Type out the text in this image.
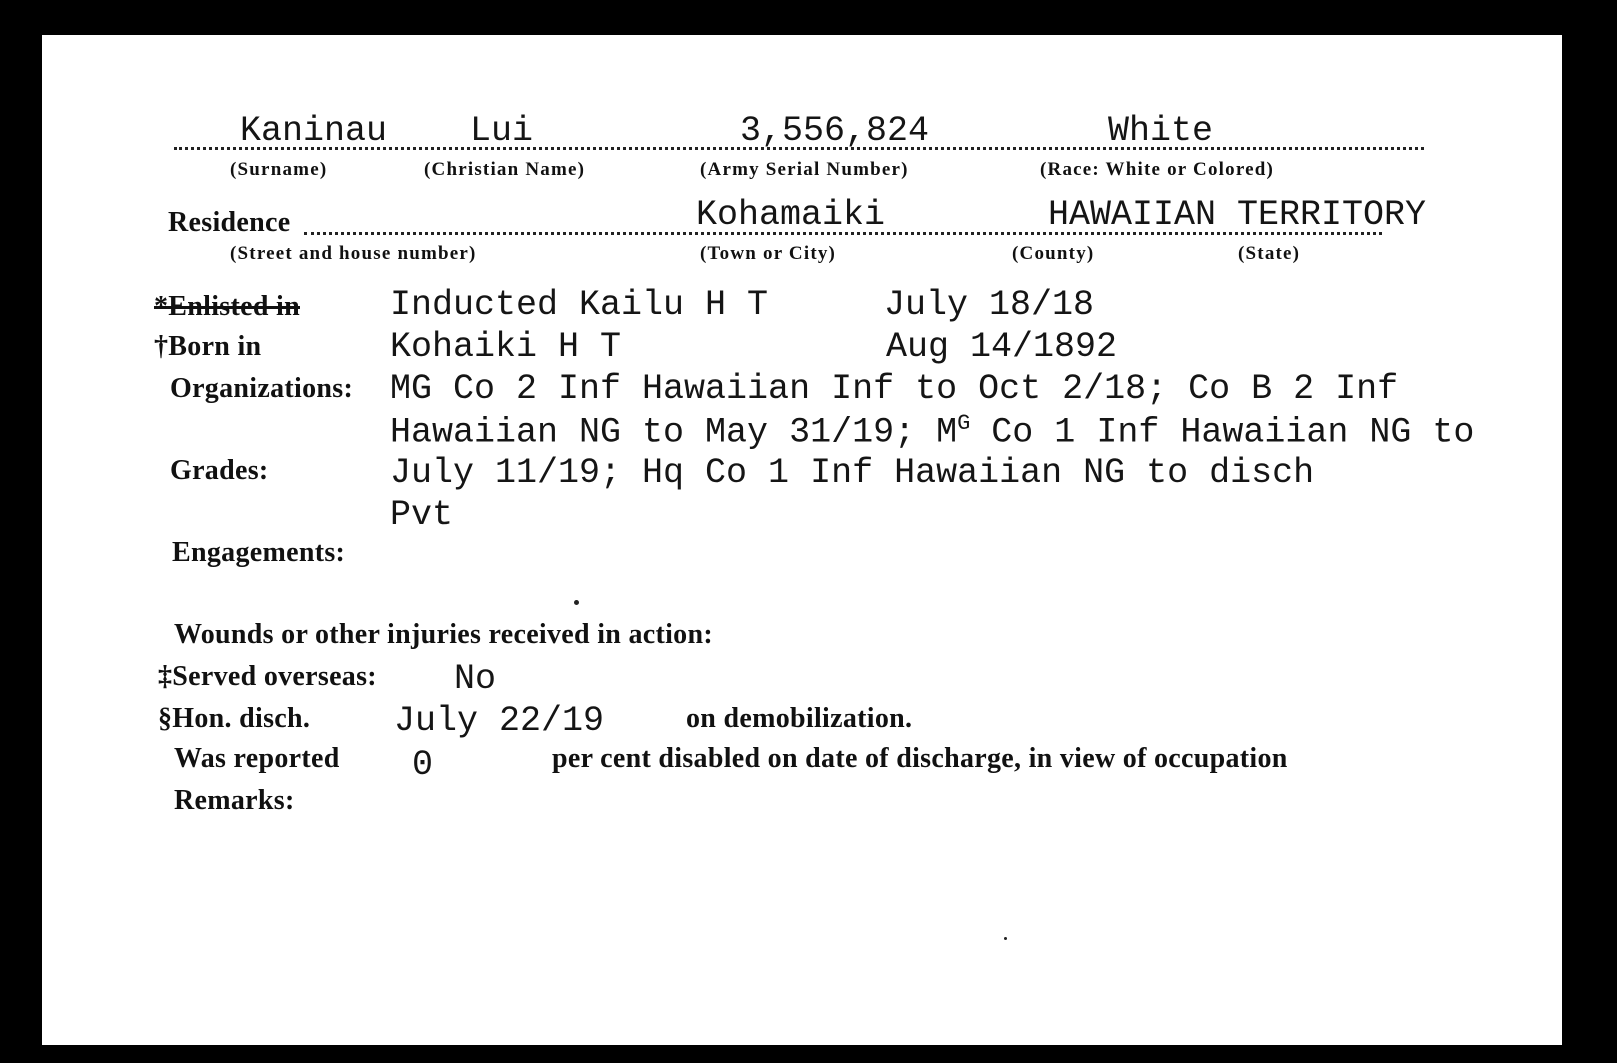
Kaninau Lui	3,556,824	White
(Surname)	(Christian Name)	(Army Serial Number)	(Race: White or Colored)
Residence	Kohamaiki	HAWAIIAN TERRITORY
(Street and house number)	(Town or City)	(County)	(State)
*Enlisted in	Inducted Kailu H T	July 18/18
†Born in	Kohaiki H T	Aug 14/1892
Organizations: MG Co 2 Inf Hawaiian Inf to Oct 2/18; Co B 2 Inf
Hawaiian NG to May 31/19; $M^G$ Co 1 Inf Hawaiian NG to
July 11/19; Hq Co 1 Inf Hawaiian NG to disch
Grades:
Pvt
Engagements:
Wounds or other injuries received in action:
‡Served overseas: No
§Hon. disch. July 22/19	on demobilization.
Was reported 0	per cent disabled on date of discharge, in view of occupation
Remarks:
